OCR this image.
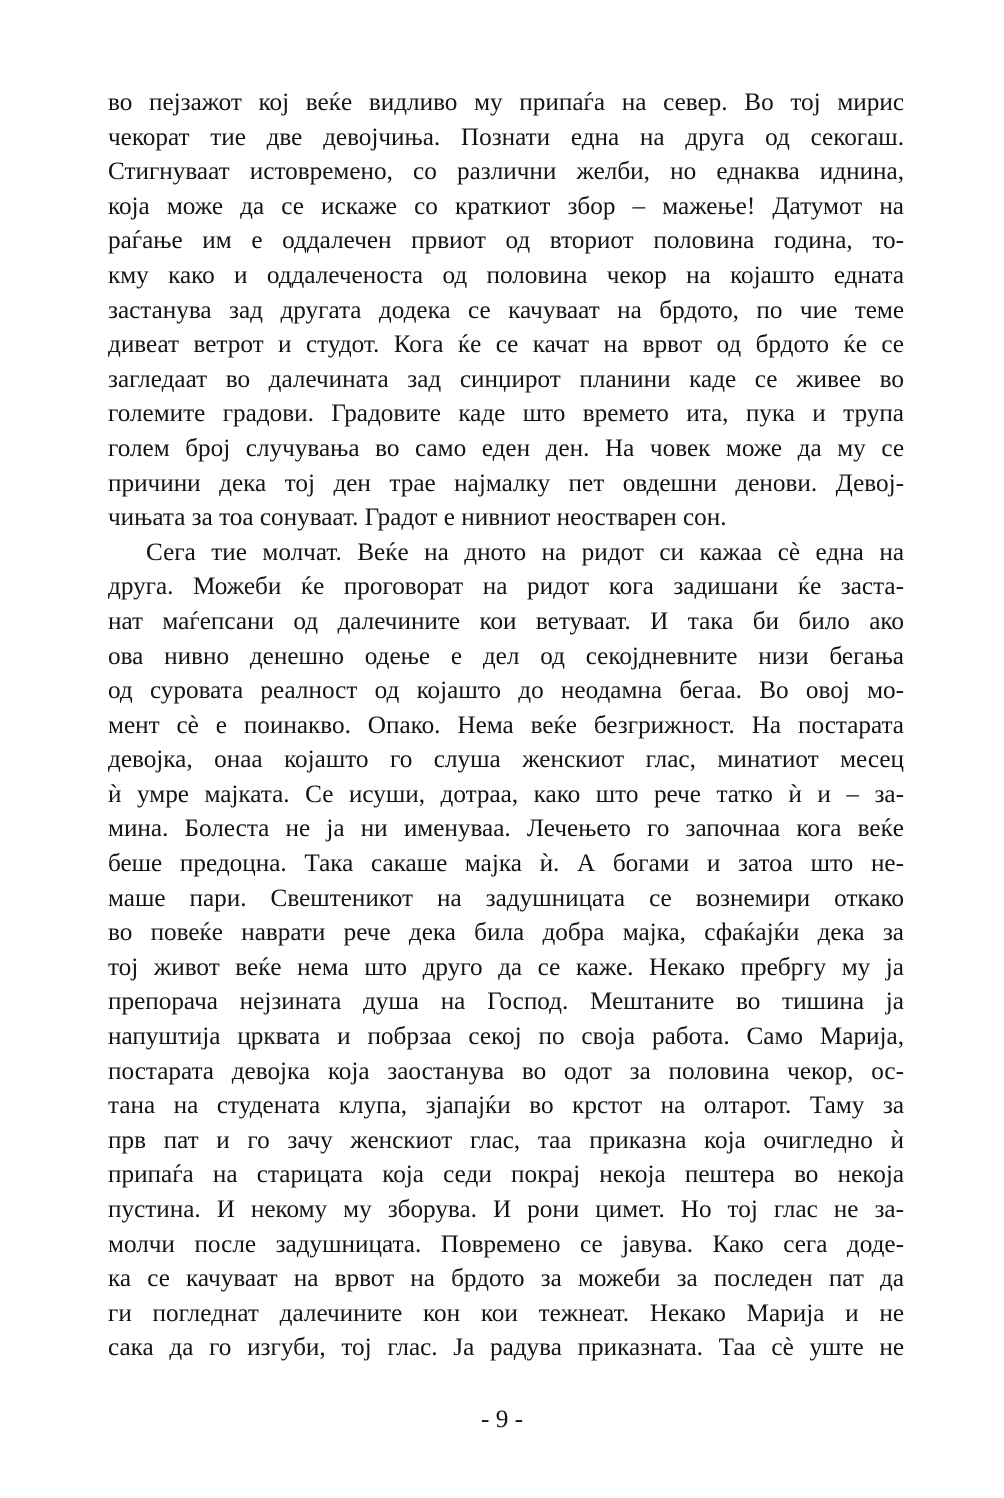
во пејзажот кој веќе видливо му припаѓа на север. Во тој мирис
чекорат тие две девојчиња. Познати една на друга од секогаш.
Стигнуваат истовремено, со различни желби, но еднаква иднина,
која може да се искаже со краткиот збор – мажење! Датумот на
раѓање им е оддалечен првиот од вториот половина година, то-
кму како и оддалеченоста од половина чекор на којашто едната
застанува зад другата додека се качуваат на брдото, по чие теме
дивеат ветрот и студот. Кога ќе се качат на врвот од брдото ќе се
загледаат во далечината зад синџирот планини каде се живее во
големите градови. Градовите каде што времето ита, пука и трупа
голем број случувања во само еден ден. На човек може да му се
причини дека тој ден трае најмалку пет овдешни денови. Девој-
чињата за тоа сонуваат. Градот е нивниот неостварен сон.
Сега тие молчат. Веќе на дното на ридот си кажаа сè една на
друга. Можеби ќе проговорат на ридот кога задишани ќе заста-
нат маѓепсани од далечините кои ветуваат. И така би било ако
ова нивно денешно одење е дел од секојдневните низи бегања
од суровата реалност од којашто до неодамна бегаа. Во овој мо-
мент сè е поинакво. Опако. Нема веќе безгрижност. На постарата
девојка, онаа којашто го слуша женскиот глас, минатиот месец
ѝ умре мајката. Се исуши, дотраа, како што рече татко ѝ и – за-
мина. Болеста не ја ни именуваа. Лечењето го започнаа кога веќе
беше предоцна. Така сакаше мајка ѝ. А богами и затоа што не-
маше пари. Свештеникот на задушницата се вознемири откако
во повеќе наврати рече дека била добра мајка, сфаќајќи дека за
тој живот веќе нема што друго да се каже. Некако пребргу му ја
препорача нејзината душа на Господ. Мештаните во тишина ја
напуштија црквата и побрзаа секој по своја работа. Само Марија,
постарата девојка која заостанува во одот за половина чекор, ос-
тана на студената клупа, зјапајќи во крстот на олтарот. Таму за
прв пат и го зачу женскиот глас, таа приказна која очигледно ѝ
припаѓа на старицата која седи покрај некоја пештера во некоја
пустина. И некому му зборува. И рони цимет. Но тој глас не за-
молчи после задушницата. Повремено се јавува. Како сега доде-
ка се качуваат на врвот на брдото за можеби за последен пат да
ги погледнат далечините кон кои тежнеат. Некако Марија и не
сака да го изгуби, тој глас. Ја радува приказната. Таа сè уште не
- 9 -
